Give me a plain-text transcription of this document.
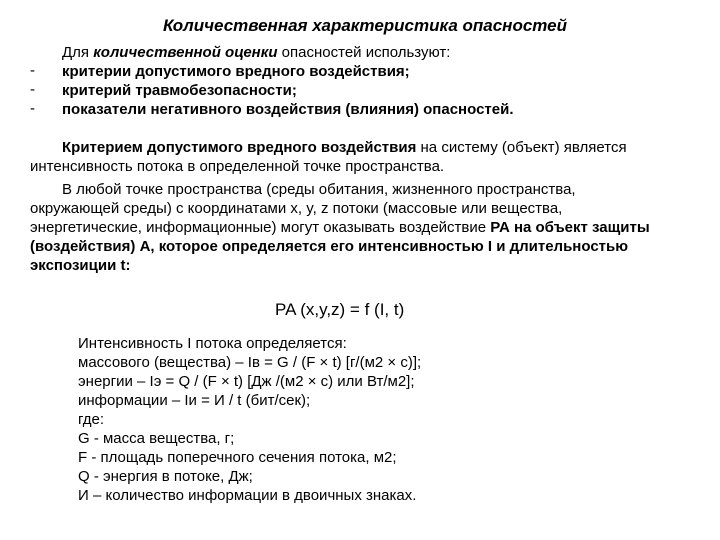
Количественная характеристика опасностей
Для количественной оценки опасностей используют:
- критерии допустимого вредного воздействия;
- критерий травмобезопасности;
- показатели негативного воздействия (влияния) опасностей.
Критерием допустимого вредного воздействия на систему (объект) является
интенсивность потока в определенной точке пространства.
В любой точке пространства (среды обитания, жизненного пространства,
окружающей среды) с координатами x, y, z потоки (массовые или вещества,
энергетические, информационные) могут оказывать воздействие РА на объект защиты
(воздействия) А, которое определяется его интенсивностью I и длительностью
экспозиции t:
PA (x,y,z) = f (I, t)
Интенсивность I потока определяется:
массового (вещества) – Iв = G / (F × t) [г/(м2 × с)];
энергии – Iэ = Q / (F × t) [Дж /(м2 × с) или Вт/м2];
информации – Iи = И / t (бит/сек);
где:
G - масса вещества, г;
F - площадь поперечного сечения потока, м2;
Q - энергия в потоке, Дж;
И – количество информации в двоичных знаках.
